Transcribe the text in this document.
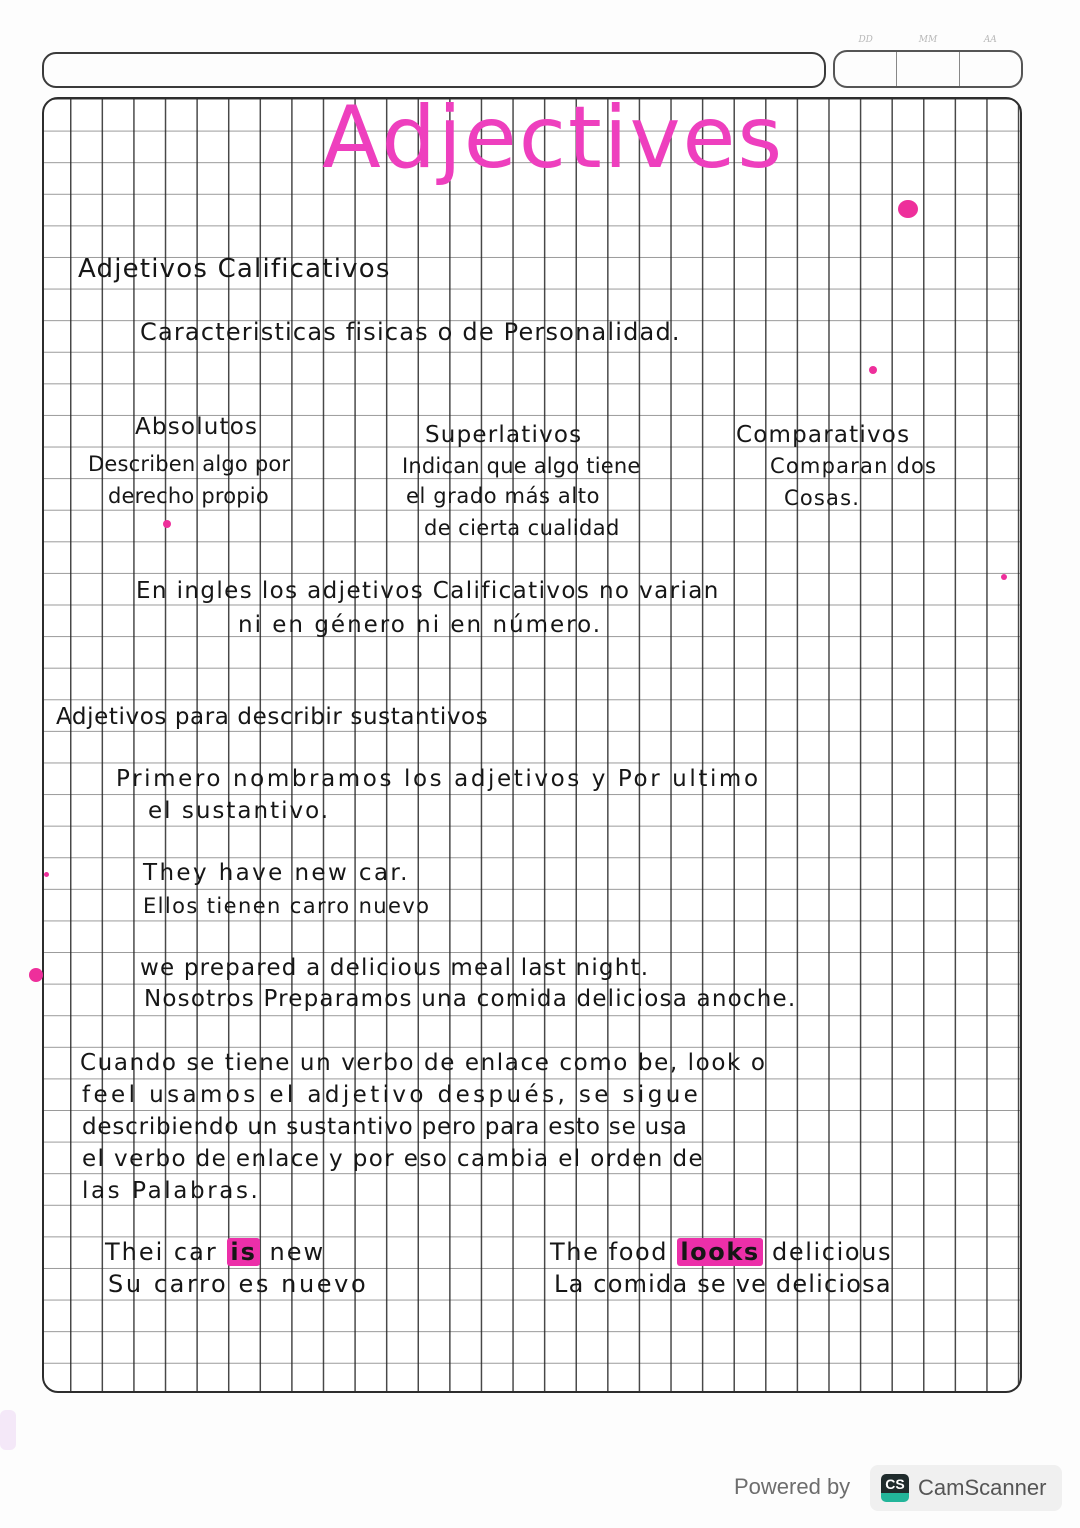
DD	MM	AA
Adjectives
Adjetivos Calificativos
Caracteristicas fisicas o de Personalidad.
Absolutos
Describen algo por
derecho propio
Superlativos
Indican que algo tiene
el grado más alto
de cierta cualidad
Comparativos
Comparan dos
Cosas.
En ingles los adjetivos Calificativos no varian
ni en género ni en número.
Adjetivos para describir sustantivos
Primero nombramos los adjetivos y Por ultimo
el sustantivo.
They have new car.
Ellos tienen carro nuevo
we prepared a delicious meal last night.
Nosotros Preparamos una comida deliciosa anoche.
Cuando se tiene un verbo de enlace como be, look o
feel usamos el adjetivo después, se sigue
describiendo un sustantivo pero para esto se usa
el verbo de enlace y por eso cambia el orden de
las Palabras.
Thei car is new
Su carro es nuevo
The food looks delicious
La comida se ve deliciosa
Powered by	CS CamScanner
